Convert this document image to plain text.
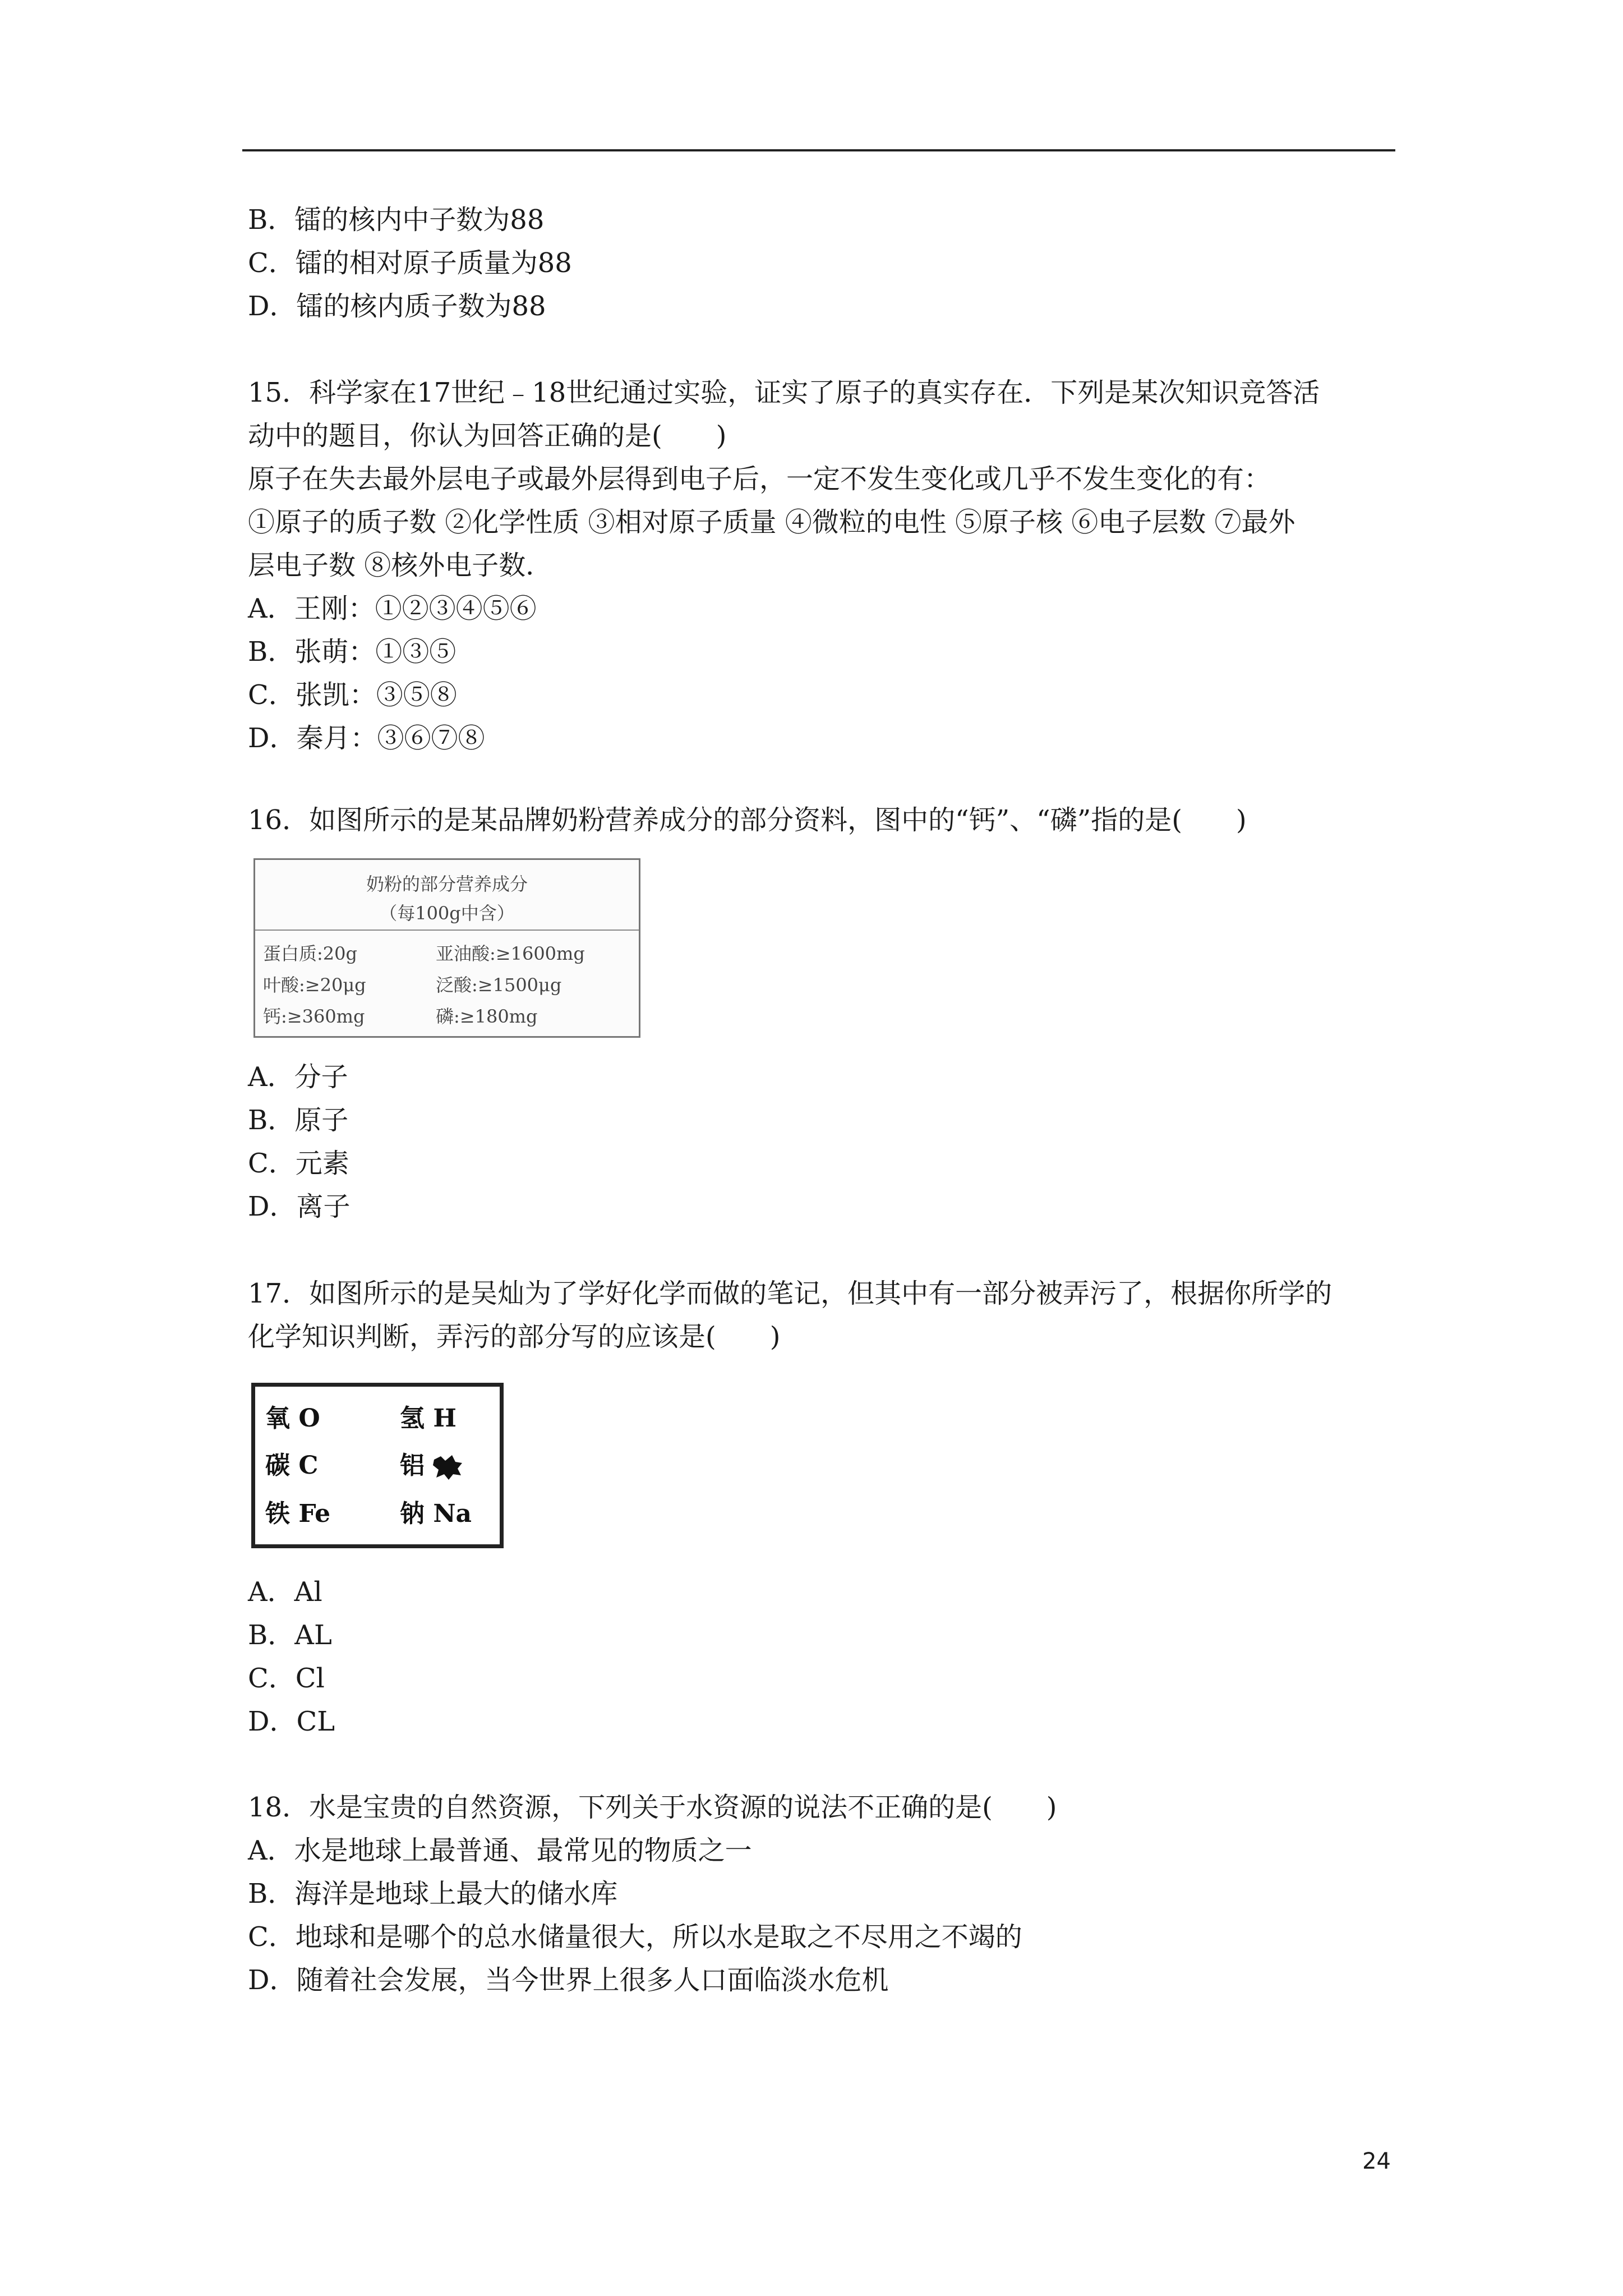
B．镭的核内中子数为88
C．镭的相对原子质量为88
D．镭的核内质子数为88
15．科学家在17世纪﹣18世纪通过实验，证实了原子的真实存在．下列是某次知识竞答活
动中的题目，你认为回答正确的是(　　)
原子在失去最外层电子或最外层得到电子后，一定不发生变化或几乎不发生变化的有：
①原子的质子数 ②化学性质 ③相对原子质量 ④微粒的电性 ⑤原子核 ⑥电子层数 ⑦最外
层电子数 ⑧核外电子数．
A．王刚：①②③④⑤⑥
B．张萌：①③⑤
C．张凯：③⑤⑧
D．秦月：③⑥⑦⑧
16．如图所示的是某品牌奶粉营养成分的部分资料，图中的“钙”、“磷”指的是(　　)
奶粉的部分营养成分
（每100g中含）
蛋白质:20g	亚油酸:≥1600mg
叶酸:≥20μg	泛酸:≥1500μg
钙:≥360mg	磷:≥180mg
A．分子
B．原子
C．元素
D．离子
17．如图所示的是吴灿为了学好化学而做的笔记，但其中有一部分被弄污了，根据你所学的
化学知识判断，弄污的部分写的应该是(　　)
氧 O	氢 H
碳 C	铝
铁 Fe	钠 Na
A．Al
B．AL
C．Cl
D．CL
18．水是宝贵的自然资源，下列关于水资源的说法不正确的是(　　)
A．水是地球上最普通、最常见的物质之一
B．海洋是地球上最大的储水库
C．地球和是哪个的总水储量很大，所以水是取之不尽用之不竭的
D．随着社会发展，当今世界上很多人口面临淡水危机
24
